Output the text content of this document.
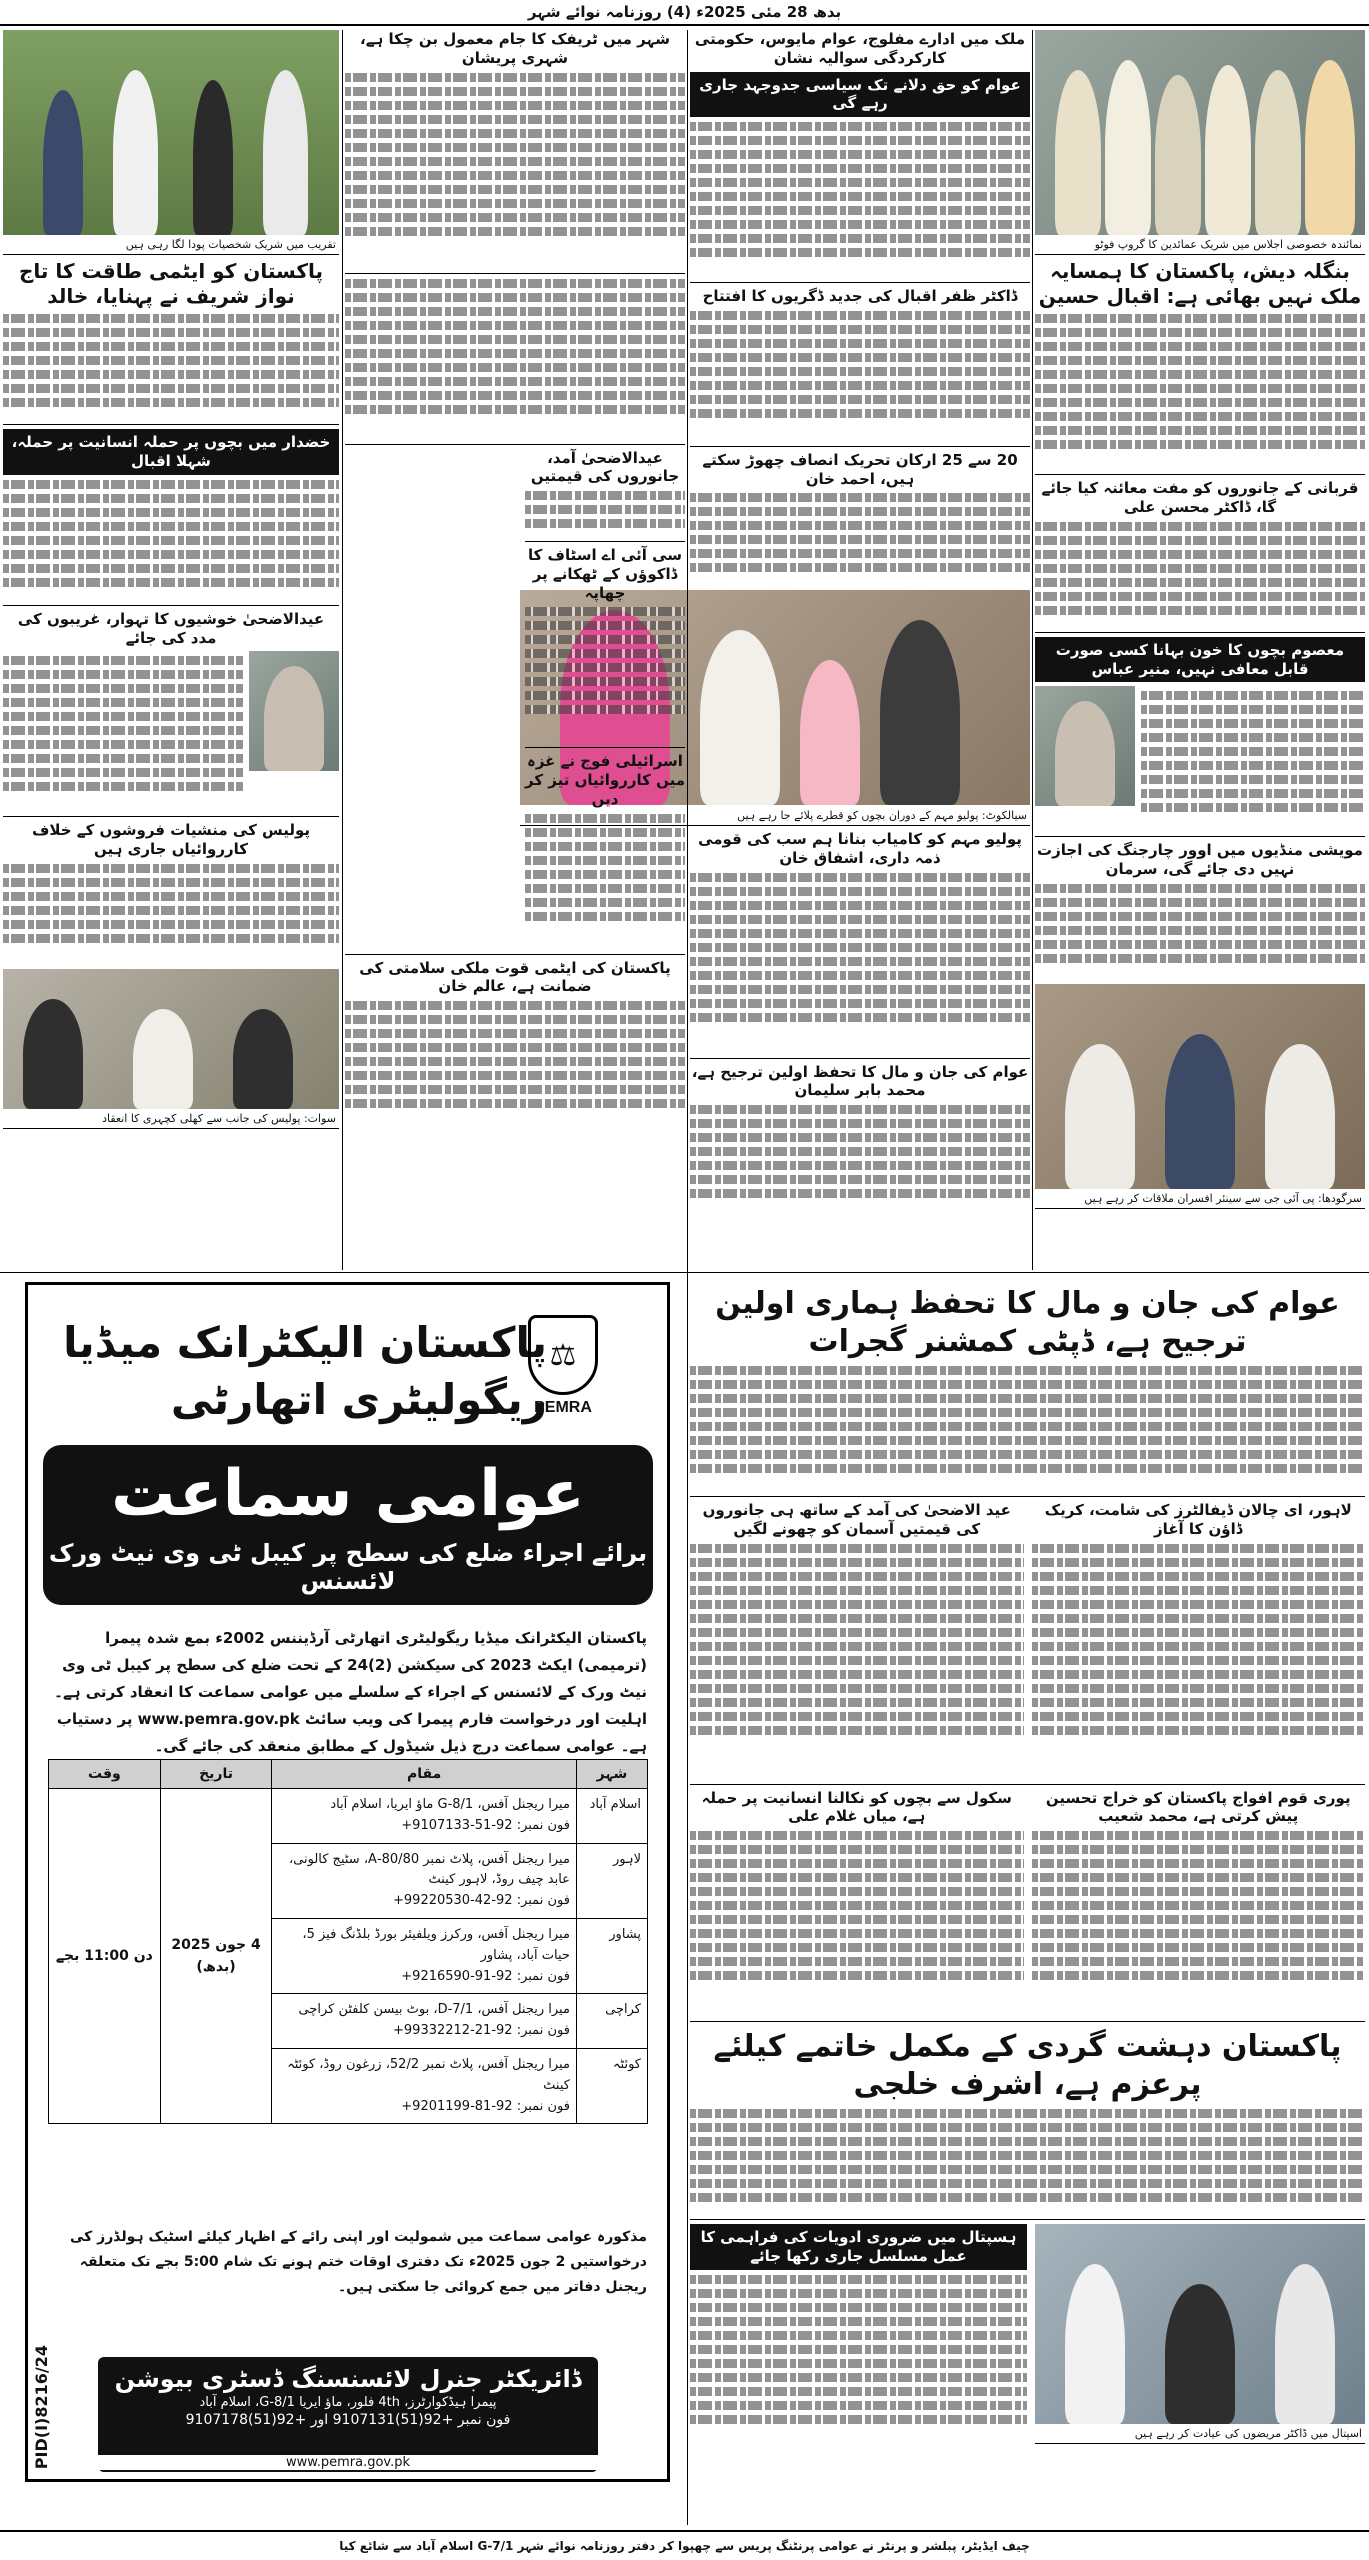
بدھ 28 مئی 2025ء (4) روزنامہ نوائے شہر
نمائندہ خصوصی اجلاس میں شریک عمائدین کا گروپ فوٹو
بنگلہ دیش، پاکستان کا ہمسایہ ملک نہیں بھائی ہے: اقبال حسین
قربانی کے جانوروں کو مفت معائنہ کیا جائے گا، ڈاکٹر محسن علی
معصوم بچوں کا خون بہانا کسی صورت قابل معافی نہیں، منیر عباس
مویشی منڈیوں میں اوور چارجنگ کی اجازت نہیں دی جائے گی، سرمان
سرگودھا: پی آئی جی سے سینئر افسران ملاقات کر رہے ہیں
ملک میں ادارے مفلوج، عوام مایوس، حکومتی کارکردگی سوالیہ نشان
عوام کو حق دلانے تک سیاسی جدوجہد جاری رہے گی
ڈاکٹر ظفر اقبال کی جدید ڈگریوں کا افتتاح
20 سے 25 ارکان تحریک انصاف چھوڑ سکتے ہیں، احمد خان
سیالکوٹ: پولیو مہم کے دوران بچوں کو قطرے پلائے جا رہے ہیں
پولیو مہم کو کامیاب بنانا ہم سب کی قومی ذمہ داری، اشفاق خان
عوام کی جان و مال کا تحفظ اولین ترجیح ہے، محمد بابر سلیمان
شہر میں ٹریفک کا جام معمول بن چکا ہے، شہری پریشان
عیدالاضحیٰ آمد، جانوروں کی قیمتیں
سی آئی اے اسٹاف کا ڈاکوؤں کے ٹھکانے پر چھاپہ
اسرائیلی فوج نے غزہ میں کارروائیاں تیز کر دیں
پاکستان کی ایٹمی قوت ملکی سلامتی کی ضمانت ہے، عالم خان
تقریب میں شریک شخصیات پودا لگا رہی ہیں
پاکستان کو ایٹمی طاقت کا تاج نواز شریف نے پہنایا، خالد
خضدار میں بچوں پر حملہ انسانیت پر حملہ، شہلا اقبال
عیدالاضحیٰ خوشیوں کا تہوار، غریبوں کی مدد کی جائے
پولیس کی منشیات فروشوں کے خلاف کارروائیاں جاری ہیں
سوات: پولیس کی جانب سے کھلی کچہری کا انعقاد
عوام کی جان و مال کا تحفظ ہماری اولین ترجیح ہے، ڈپٹی کمشنر گجرات
لاہور، ای چالان ڈیفالٹرز کی شامت، کریک ڈاؤن کا آغاز
عید الاضحیٰ کی آمد کے ساتھ ہی جانوروں کی قیمتیں آسمان کو چھونے لگیں
پوری قوم افواج پاکستان کو خراج تحسین پیش کرتی ہے، محمد شعیب
سکول سے بچوں کو نکالنا انسانیت پر حملہ ہے، میاں غلام علی
پاکستان دہشت گردی کے مکمل خاتمے کیلئے پرعزم ہے، اشرف خلجی
اسپتال میں ڈاکٹر مریضوں کی عیادت کر رہے ہیں
ہسپتال میں ضروری ادویات کی فراہمی کا عمل مسلسل جاری رکھا جائے
پاکستان الیکٹرانک میڈیا
ریگولیٹری اتھارٹی
⚖
PEMRA
عوامی سماعت
برائے اجراء ضلع کی سطح پر کیبل ٹی وی نیٹ ورک لائسنس
پاکستان الیکٹرانک میڈیا ریگولیٹری اتھارٹی آرڈیننس 2002ء بمع شدہ پیمرا (ترمیمی) ایکٹ 2023 کی سیکشن (2)24 کے تحت ضلع کی سطح پر کیبل ٹی وی نیٹ ورک کے لائسنس کے اجراء کے سلسلے میں عوامی سماعت کا انعقاد کرتی ہے۔ اہلیت اور درخواست فارم پیمرا کی ویب سائٹ www.pemra.gov.pk پر دستیاب ہے۔ عوامی سماعت درج ذیل شیڈول کے مطابق منعقد کی جائے گی۔
شہر	مقام	تاریخ	وقت
اسلام آباد	میرا ریجنل آفس، G-8/1 ماؤ ایریا، اسلام آباد
فون نمبر: 92-51-9107133+	4 جون 2025 (بدھ)	دن 11:00 بجے
لاہور	میرا ریجنل آفس، پلاٹ نمبر 80/80-A، سٹیج کالونی، عابد چیف روڈ، لاہور کینٹ
فون نمبر: 92-42-99220530+		

پشاور	میرا ریجنل آفس، ورکرز ویلفیئر بورڈ بلڈنگ فیز 5، حیات آباد، پشاور
فون نمبر: 92-91-9216590+		

کراچی	میرا ریجنل آفس، D-7/1، بوٹ بیسن کلفٹن کراچی
فون نمبر: 92-21-99332212+		

کوئٹہ	میرا ریجنل آفس، پلاٹ نمبر 52/2، زرغون روڈ، کوئٹہ کینٹ
فون نمبر: 92-81-9201199+		
مذکورہ عوامی سماعت میں شمولیت اور اپنی رائے کے اظہار کیلئے اسٹیک ہولڈرز کی درخواستیں 2 جون 2025ء تک دفتری اوقات ختم ہونے تک شام 5:00 بجے تک متعلقہ ریجنل دفاتر میں جمع کروائی جا سکتی ہیں۔
ڈائریکٹر جنرل لائسنسنگ ڈسٹری بیوشن
پیمرا ہیڈکوارٹرز، 4th فلور، ماؤ ایریا G-8/1، اسلام آباد
فون نمبر +92(51)9107131 اور +92(51)9107178
www.pemra.gov.pk
PID(I)8216/24
چیف ایڈیٹر، پبلشر و پرنٹر نے عوامی پرنٹنگ پریس سے چھپوا کر دفتر روزنامہ نوائے شہر G-7/1 اسلام آباد سے شائع کیا
